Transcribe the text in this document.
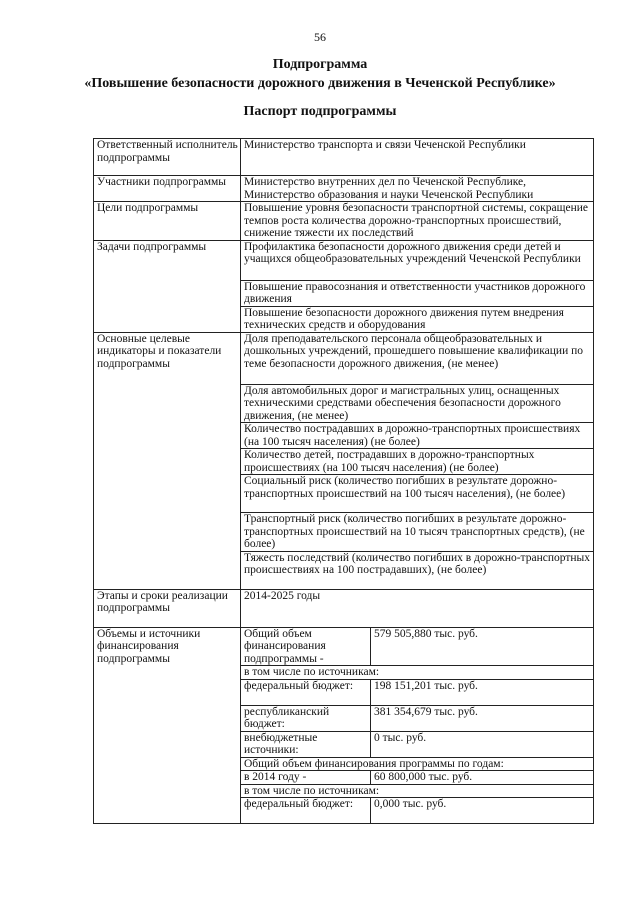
56
Подпрограмма
«Повышение безопасности дорожного движения в Чеченской Республике»
Паспорт подпрограммы
Ответственный исполнитель подпрограммы	Министерство транспорта и связи Чеченской Республики	
Участники подпрограммы	Министерство внутренних дел по Чеченской Республике, Министерство образования и науки Чеченской Республики	
Цели подпрограммы	Повышение уровня безопасности транспортной системы, сокращение темпов роста количества дорожно-транспортных происшествий, снижение тяжести их последствий	
Задачи подпрограммы	Профилактика безопасности дорожного движения среди детей и учащихся общеобразовательных учреждений Чеченской Республики	
	Повышение правосознания и ответственности участников дорожного движения	
	Повышение безопасности дорожного движения путем внедрения технических средств и оборудования	
Основные целевые индикаторы и показатели подпрограммы	Доля преподавательского персонала общеобразовательных и дошкольных учреждений, прошедшего повышение квалификации по теме безопасности дорожного движения, (не менее)	
	Доля автомобильных дорог и магистральных улиц, оснащенных техническими средствами обеспечения безопасности дорожного движения, (не менее)	
	Количество пострадавших в дорожно-транспортных происшествиях (на 100 тысяч населения) (не более)	
	Количество детей, пострадавших в дорожно-транспортных происшествиях (на 100 тысяч населения) (не более)	
	Социальный риск (количество погибших в результате дорожно-транспортных происшествий на 100 тысяч населения), (не более)	
	Транспортный риск (количество погибших в результате дорожно-транспортных происшествий на 10 тысяч транспортных средств), (не более)	
	Тяжесть последствий (количество погибших в дорожно-транспортных происшествиях на 100 пострадавших), (не более)	
Этапы и сроки реализации подпрограммы	2014-2025 годы	
Объемы и источники финансирования подпрограммы	Общий объем финансирования подпрограммы -	579 505,880 тыс. руб.
	в том числе по источникам:	
	федеральный бюджет:	198 151,201 тыс. руб.
	республиканский бюджет:	381 354,679 тыс. руб.
	внебюджетные источники:	0 тыс. руб.
	Общий объем финансирования программы по годам:	
	в 2014 году -	60 800,000 тыс. руб.
	в том числе по источникам:	
	федеральный бюджет:	0,000 тыс. руб.
